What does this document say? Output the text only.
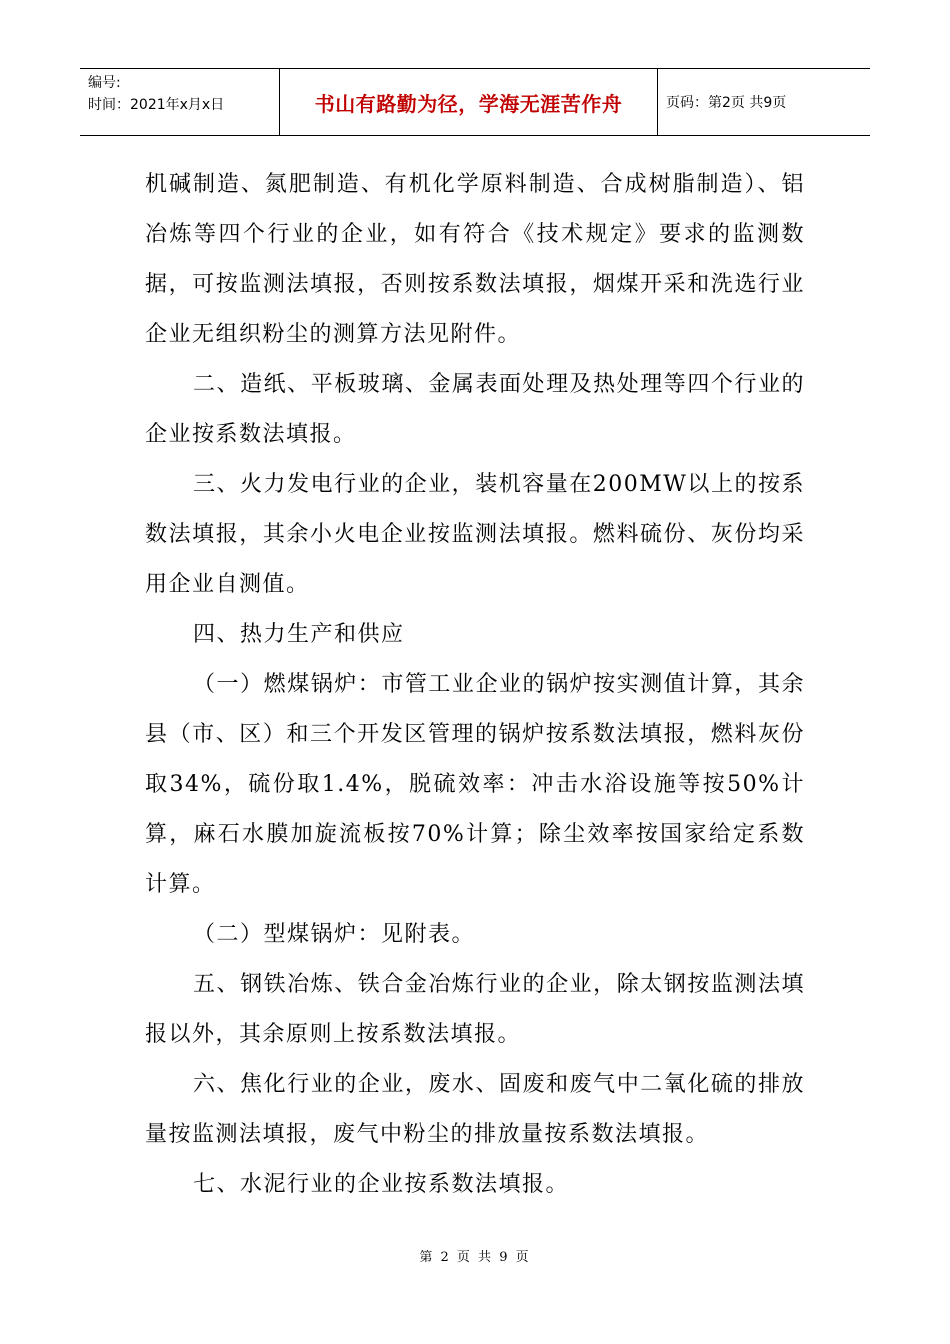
编号:
时间：2021年x月x日	书山有路勤为径，学海无涯苦作舟	页码：第2页 共9页

机碱制造、氮肥制造、有机化学原料制造、合成树脂制造）、铝冶炼等四个行业的企业，如有符合《技术规定》要求的监测数据，可按监测法填报，否则按系数法填报，烟煤开采和洗选行业企业无组织粉尘的测算方法见附件。

二、造纸、平板玻璃、金属表面处理及热处理等四个行业的企业按系数法填报。

三、火力发电行业的企业，装机容量在200MW以上的按系数法填报，其余小火电企业按监测法填报。燃料硫份、灰份均采用企业自测值。

四、热力生产和供应

（一）燃煤锅炉：市管工业企业的锅炉按实测值计算，其余县（市、区）和三个开发区管理的锅炉按系数法填报，燃料灰份取34%，硫份取1.4%，脱硫效率：冲击水浴设施等按50%计算，麻石水膜加旋流板按70%计算；除尘效率按国家给定系数计算。

（二）型煤锅炉：见附表。

五、钢铁冶炼、铁合金冶炼行业的企业，除太钢按监测法填报以外，其余原则上按系数法填报。

六、焦化行业的企业，废水、固废和废气中二氧化硫的排放量按监测法填报，废气中粉尘的排放量按系数法填报。

七、水泥行业的企业按系数法填报。

第 2 页 共 9 页
